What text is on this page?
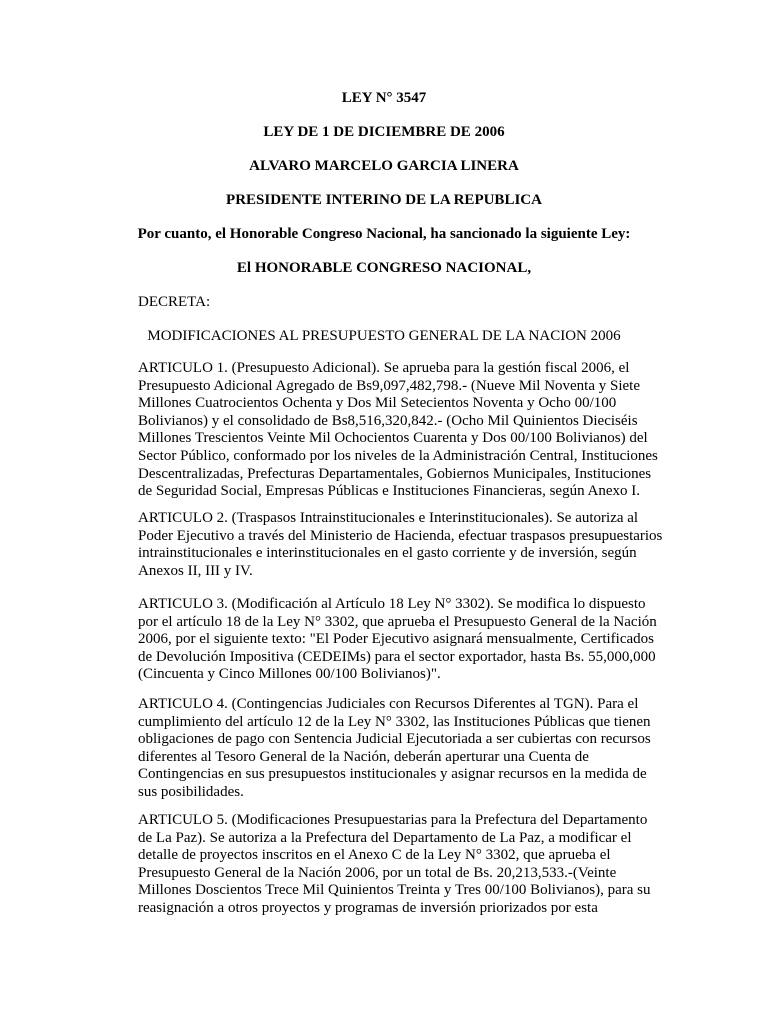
LEY N° 3547

LEY DE 1 DE DICIEMBRE DE 2006

ALVARO MARCELO GARCIA LINERA

PRESIDENTE INTERINO DE LA REPUBLICA

Por cuanto, el Honorable Congreso Nacional, ha sancionado la siguiente Ley:

El HONORABLE CONGRESO NACIONAL,

DECRETA:

MODIFICACIONES AL PRESUPUESTO GENERAL DE LA NACION 2006

ARTICULO 1. (Presupuesto Adicional). Se aprueba para la gestión fiscal 2006, el
Presupuesto Adicional Agregado de Bs9,097,482,798.- (Nueve Mil Noventa y Siete
Millones Cuatrocientos Ochenta y Dos Mil Setecientos Noventa y Ocho 00/100
Bolivianos) y el consolidado de Bs8,516,320,842.- (Ocho Mil Quinientos Dieciséis
Millones Trescientos Veinte Mil Ochocientos Cuarenta y Dos 00/100 Bolivianos) del
Sector Público, conformado por los niveles de la Administración Central, Instituciones
Descentralizadas, Prefecturas Departamentales, Gobiernos Municipales, Instituciones
de Seguridad Social, Empresas Públicas e Instituciones Financieras, según Anexo I.
ARTICULO 2. (Traspasos Intrainstitucionales e Interinstitucionales). Se autoriza al
Poder Ejecutivo a través del Ministerio de Hacienda, efectuar traspasos presupuestarios
intrainstitucionales e interinstitucionales en el gasto corriente y de inversión, según
Anexos II, III y IV.
ARTICULO 3. (Modificación al Artículo 18 Ley N° 3302). Se modifica lo dispuesto
por el artículo 18 de la Ley N° 3302, que aprueba el Presupuesto General de la Nación
2006, por el siguiente texto: "El Poder Ejecutivo asignará mensualmente, Certificados
de Devolución Impositiva (CEDEIMs) para el sector exportador, hasta Bs. 55,000,000
(Cincuenta y Cinco Millones 00/100 Bolivianos)".
ARTICULO 4. (Contingencias Judiciales con Recursos Diferentes al TGN). Para el
cumplimiento del artículo 12 de la Ley N° 3302, las Instituciones Públicas que tienen
obligaciones de pago con Sentencia Judicial Ejecutoriada a ser cubiertas con recursos
diferentes al Tesoro General de la Nación, deberán aperturar una Cuenta de
Contingencias en sus presupuestos institucionales y asignar recursos en la medida de
sus posibilidades.
ARTICULO 5. (Modificaciones Presupuestarias para la Prefectura del Departamento
de La Paz). Se autoriza a la Prefectura del Departamento de La Paz, a modificar el
detalle de proyectos inscritos en el Anexo C de la Ley N° 3302, que aprueba el
Presupuesto General de la Nación 2006, por un total de Bs. 20,213,533.-(Veinte
Millones Doscientos Trece Mil Quinientos Treinta y Tres 00/100 Bolivianos), para su
reasignación a otros proyectos y programas de inversión priorizados por esta
